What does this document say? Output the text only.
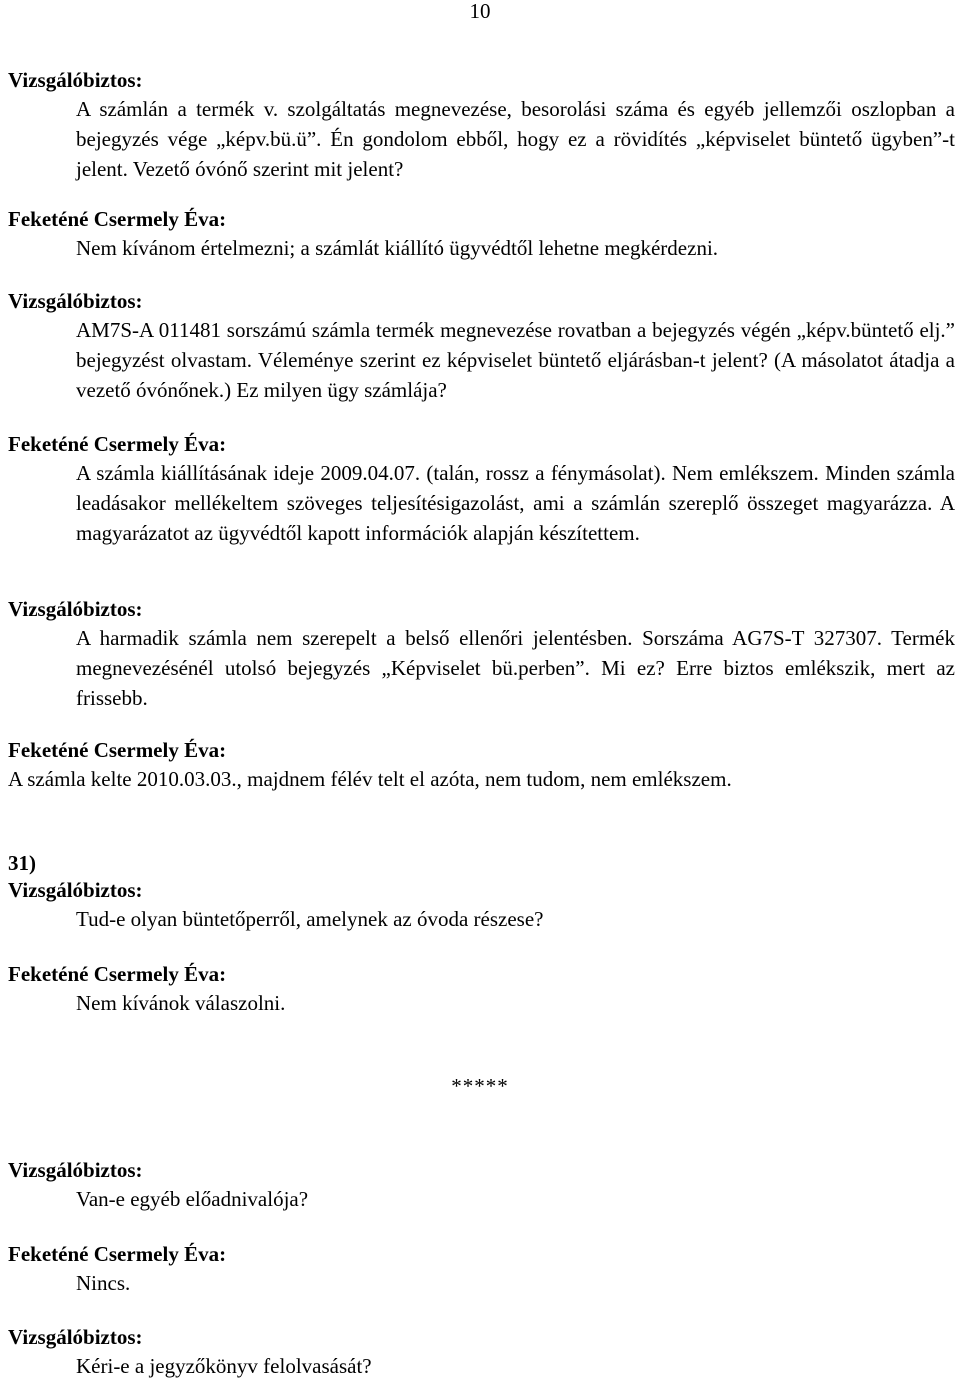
10
Vizsgálóbiztos:
A számlán a termék v. szolgáltatás megnevezése, besorolási száma és egyéb jellemzői oszlopban a bejegyzés vége „képv.bü.ü”. Én gondolom ebből, hogy ez a rövidítés „képviselet büntető ügyben”-t jelent. Vezető óvónő szerint mit jelent?
Feketéné Csermely Éva:
Nem kívánom értelmezni; a számlát kiállító ügyvédtől lehetne megkérdezni.
Vizsgálóbiztos:
AM7S-A 011481 sorszámú számla termék megnevezése rovatban a bejegyzés végén „képv.büntető elj.” bejegyzést olvastam. Véleménye szerint ez képviselet büntető eljárásban-t jelent? (A másolatot átadja a vezető óvónőnek.) Ez milyen ügy számlája?
Feketéné Csermely Éva:
A számla kiállításának ideje 2009.04.07. (talán, rossz a fénymásolat). Nem emlékszem. Minden számla leadásakor mellékeltem szöveges teljesítésigazolást, ami a számlán szereplő összeget magyarázza. A magyarázatot az ügyvédtől kapott információk alapján készítettem.
Vizsgálóbiztos:
A harmadik számla nem szerepelt a belső ellenőri jelentésben. Sorszáma AG7S-T 327307. Termék megnevezésénél utolsó bejegyzés „Képviselet bü.perben”. Mi ez? Erre biztos emlékszik, mert az frissebb.
Feketéné Csermely Éva:
A számla kelte 2010.03.03., majdnem félév telt el azóta, nem tudom, nem emlékszem.
31)
Vizsgálóbiztos:
Tud-e olyan büntetőperről, amelynek az óvoda részese?
Feketéné Csermely Éva:
Nem kívánok válaszolni.
*****
Vizsgálóbiztos:
Van-e egyéb előadnivalója?
Feketéné Csermely Éva:
Nincs.
Vizsgálóbiztos:
Kéri-e a jegyzőkönyv felolvasását?
